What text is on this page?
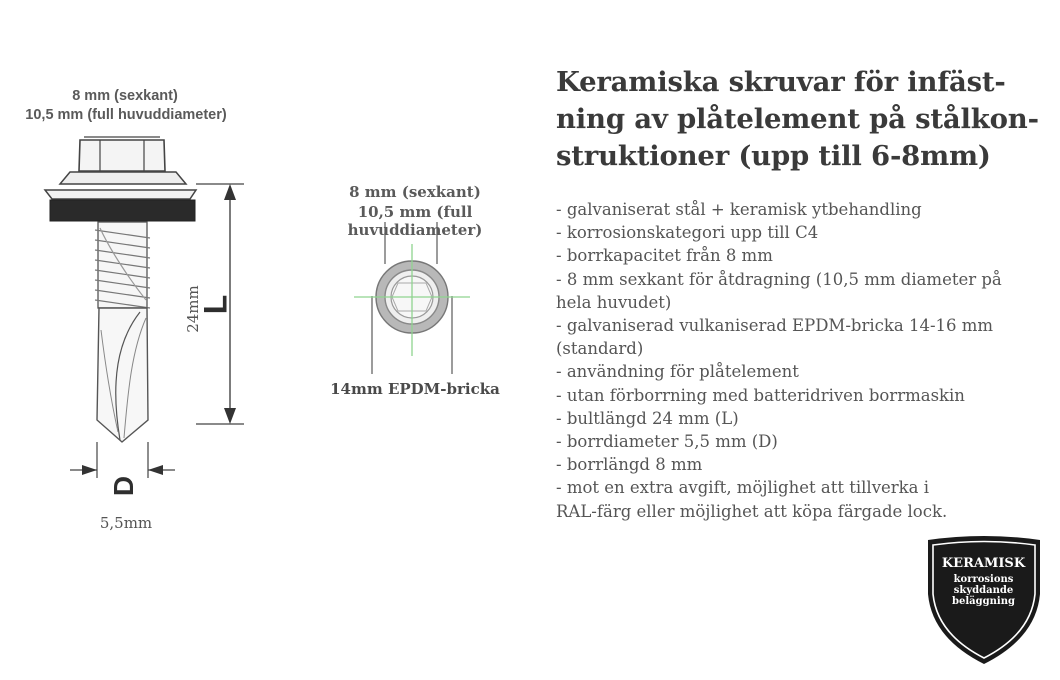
8 mm (sexkant)
10,5 mm (full huvuddiameter)
24mm
L
D
5,5mm
8 mm (sexkant)
10,5 mm (full huvuddiameter)
14mm EPDM-bricka
Keramiska skruvar för infäst-
ning av plåtelement på stålkon-
struktioner (upp till 6-8mm)
- galvaniserat stål + keramisk ytbehandling
- korrosionskategori upp till C4
- borrkapacitet från 8 mm
- 8 mm sexkant för åtdragning (10,5 mm diameter på
hela huvudet)
- galvaniserad vulkaniserad EPDM-bricka 14-16 mm
(standard)
- användning för plåtelement
- utan förborrning med batteridriven borrmaskin
- bultlängd 24 mm (L)
- borrdiameter 5,5 mm (D)
- borrlängd 8 mm
- mot en extra avgift, möjlighet att tillverka i
RAL-färg eller möjlighet att köpa färgade lock.
KERAMISK
korrosions
skyddande
beläggning
